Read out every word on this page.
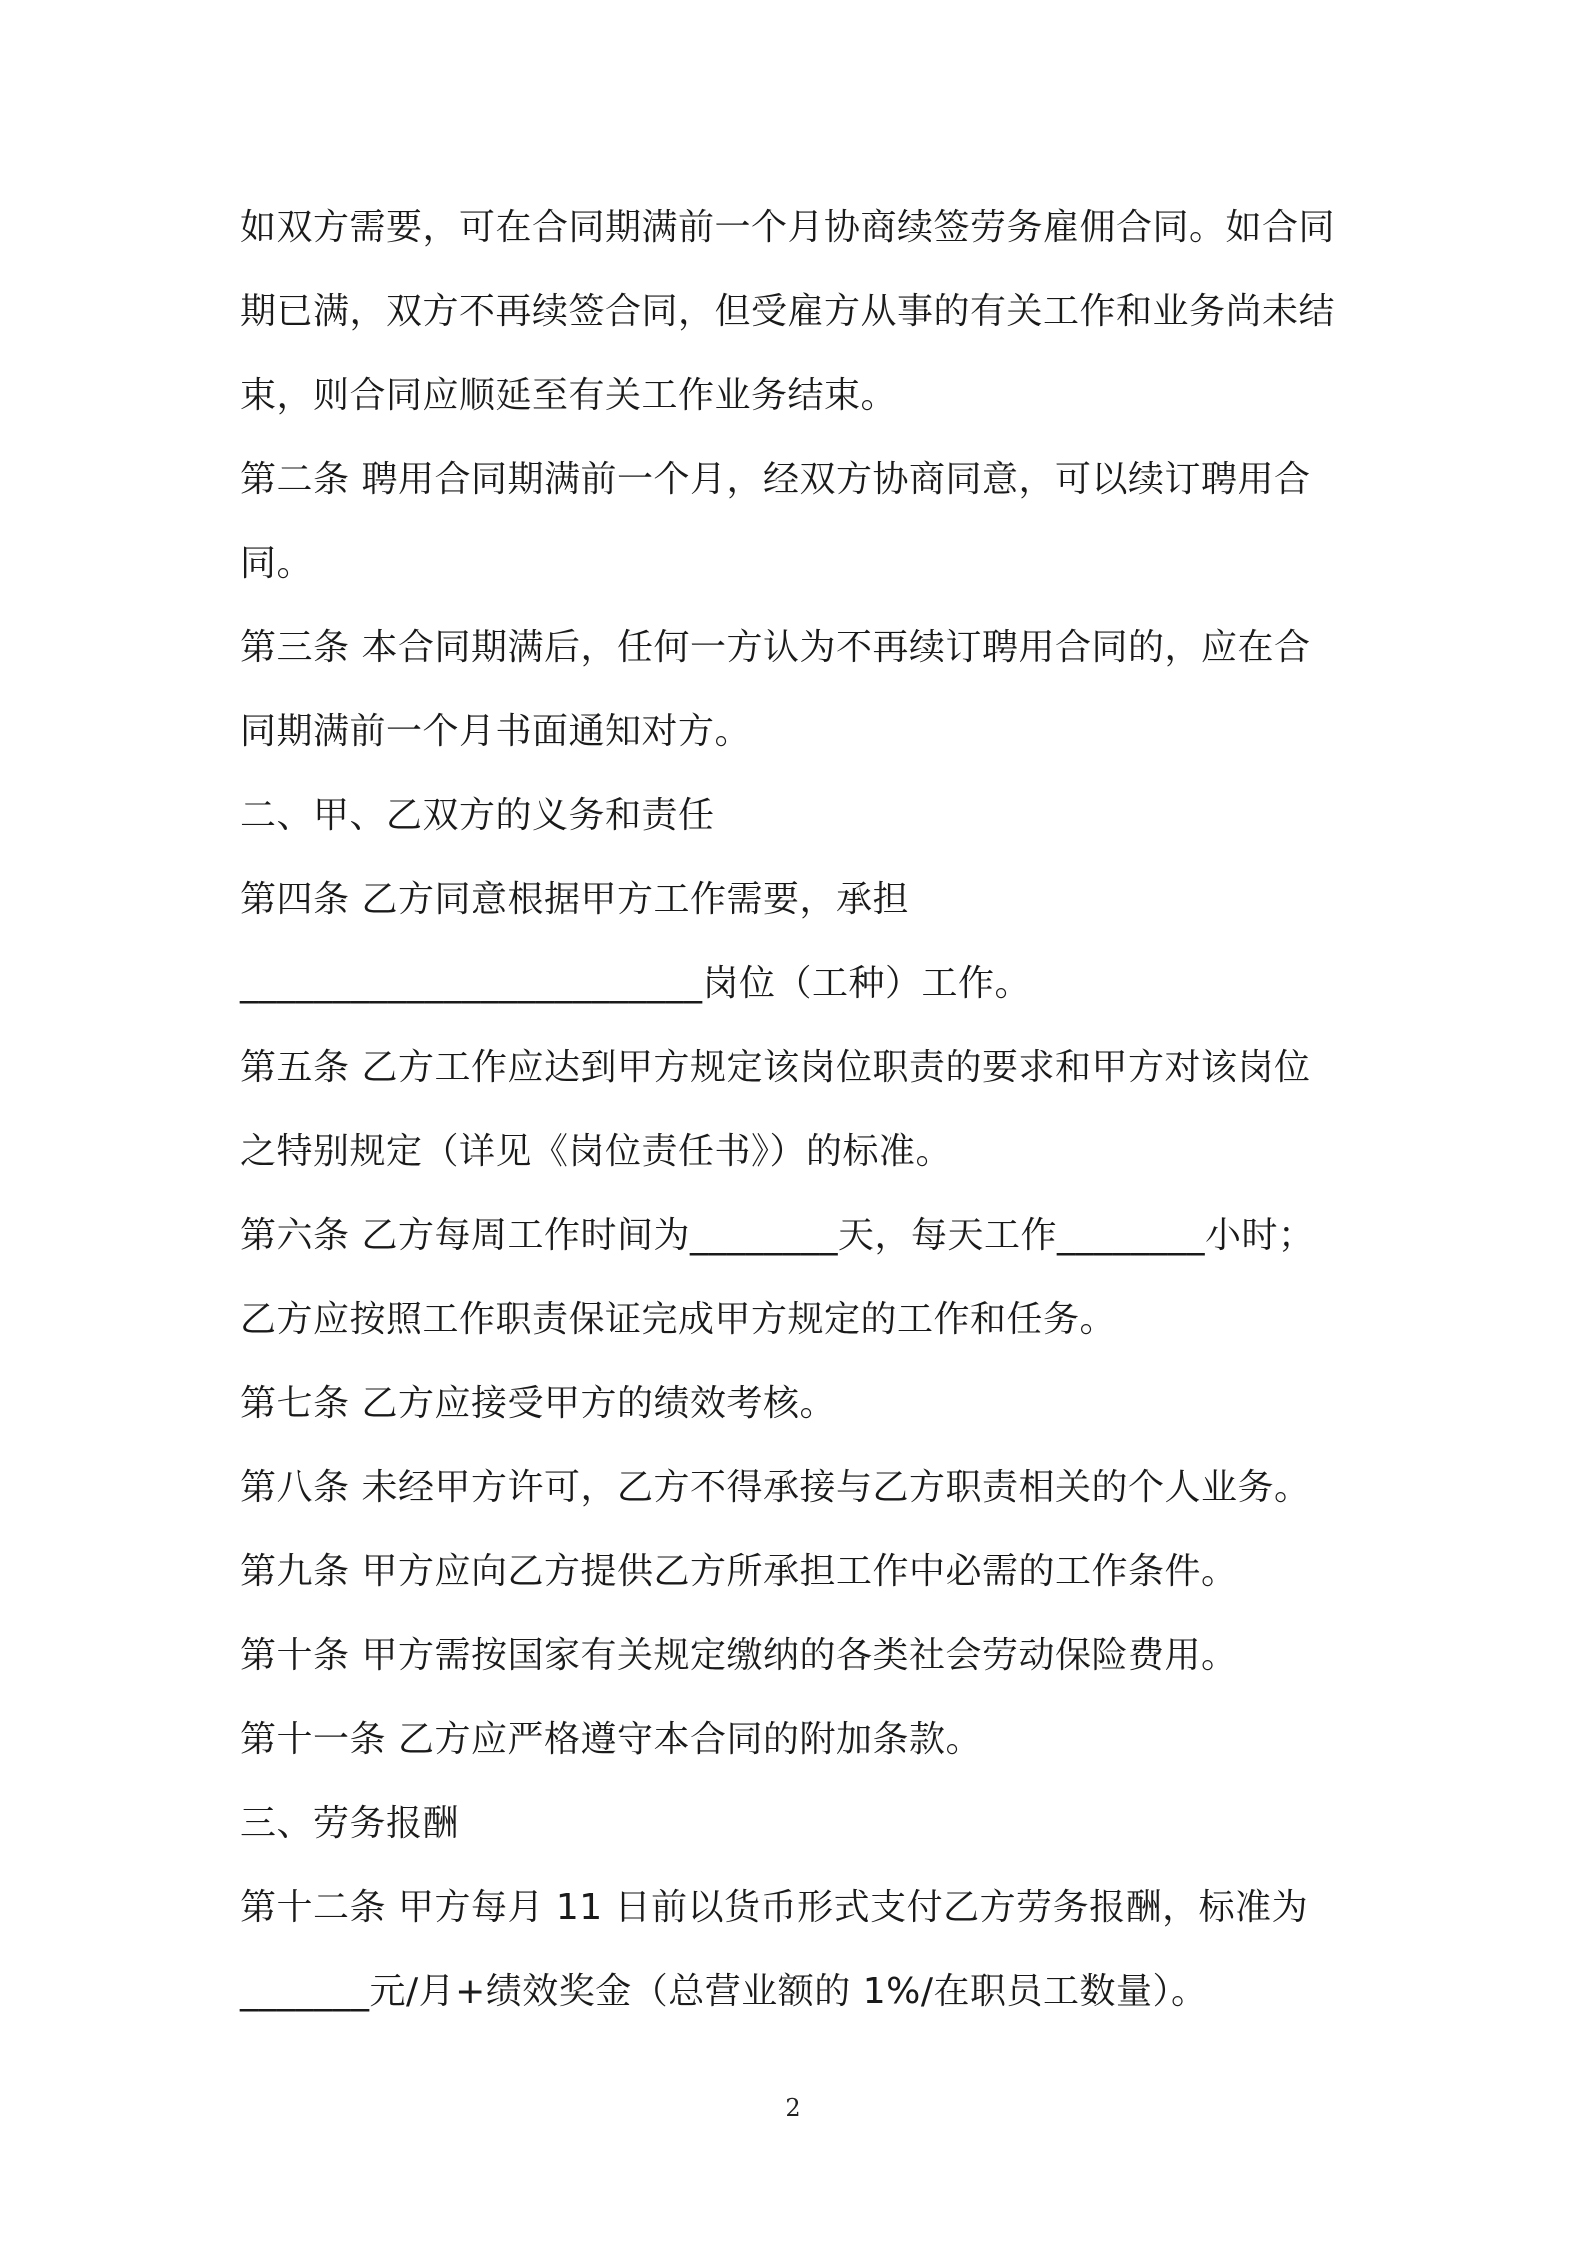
如双方需要，可在合同期满前一个月协商续签劳务雇佣合同。如合同
期已满，双方不再续签合同，但受雇方从事的有关工作和业务尚未结
束，则合同应顺延至有关工作业务结束。
第二条 聘用合同期满前一个月，经双方协商同意，可以续订聘用合
同。
第三条 本合同期满后，任何一方认为不再续订聘用合同的，应在合
同期满前一个月书面通知对方。
二、甲、乙双方的义务和责任
第四条 乙方同意根据甲方工作需要，承担
_________________________岗位（工种）工作。
第五条 乙方工作应达到甲方规定该岗位职责的要求和甲方对该岗位
之特别规定（详见《岗位责任书》）的标准。
第六条 乙方每周工作时间为________天，每天工作________小时；
乙方应按照工作职责保证完成甲方规定的工作和任务。
第七条 乙方应接受甲方的绩效考核。
第八条 未经甲方许可，乙方不得承接与乙方职责相关的个人业务。
第九条 甲方应向乙方提供乙方所承担工作中必需的工作条件。
第十条 甲方需按国家有关规定缴纳的各类社会劳动保险费用。
第十一条 乙方应严格遵守本合同的附加条款。
三、劳务报酬
第十二条 甲方每月 11 日前以货币形式支付乙方劳务报酬，标准为
_______元/月+绩效奖金（总营业额的 1%/在职员工数量）。
2
